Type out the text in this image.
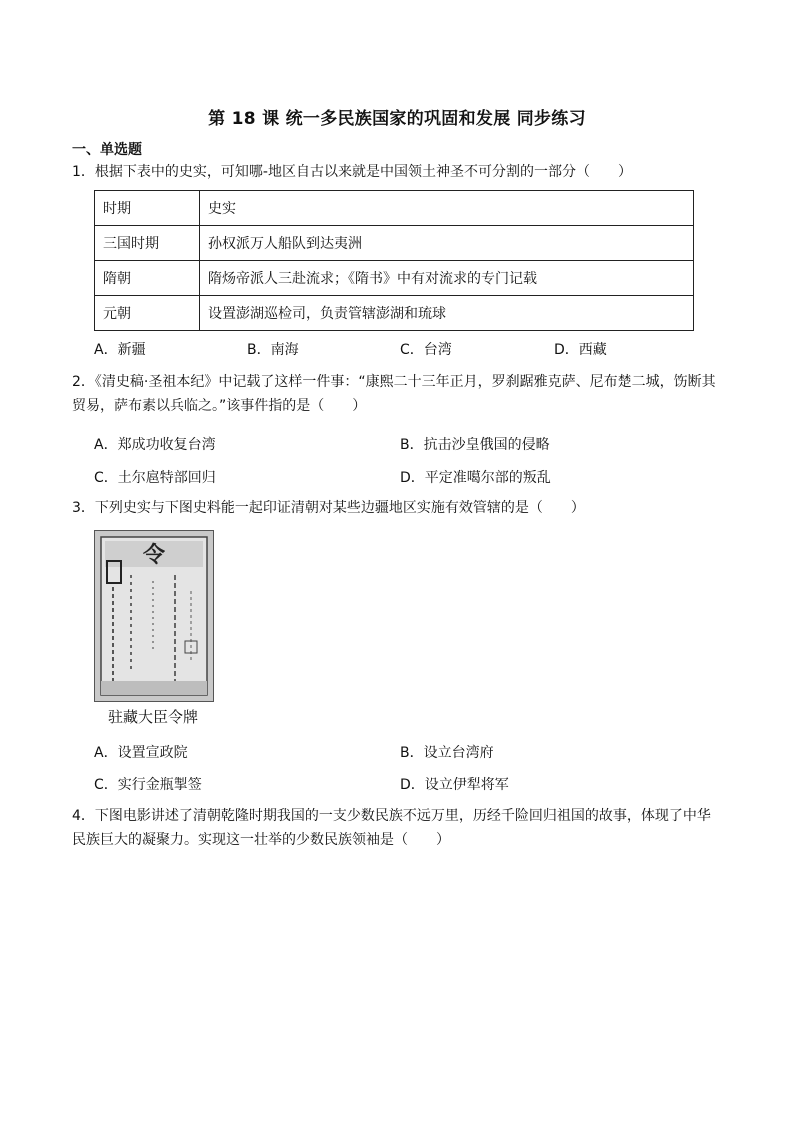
第 18 课 统一多民族国家的巩固和发展 同步练习
一、单选题
1．根据下表中的史实，可知哪-地区自古以来就是中国领土神圣不可分割的一部分（　　）
时期	史实
三国时期	孙权派万人船队到达夷洲
隋朝	隋炀帝派人三赴流求；《隋书》中有对流求的专门记载
元朝	设置澎湖巡检司，负责管辖澎湖和琉球
A．新疆	B．南海	C．台湾	D．西藏
2．《清史稿·圣祖本纪》中记载了这样一件事：“康熙二十三年正月，罗刹踞雅克萨、尼布楚二城，饬断其贸易，萨布素以兵临之。”该事件指的是（　　）
A．郑成功收复台湾	B．抗击沙皇俄国的侵略
C．土尔扈特部回归	D．平定准噶尔部的叛乱
3．下列史实与下图史料能一起印证清朝对某些边疆地区实施有效管辖的是（　　）
令
驻藏大臣令牌
A．设置宣政院	B．设立台湾府
C．实行金瓶掣签	D．设立伊犁将军
4．下图电影讲述了清朝乾隆时期我国的一支少数民族不远万里，历经千险回归祖国的故事，体现了中华民族巨大的凝聚力。实现这一壮举的少数民族领袖是（　　）
